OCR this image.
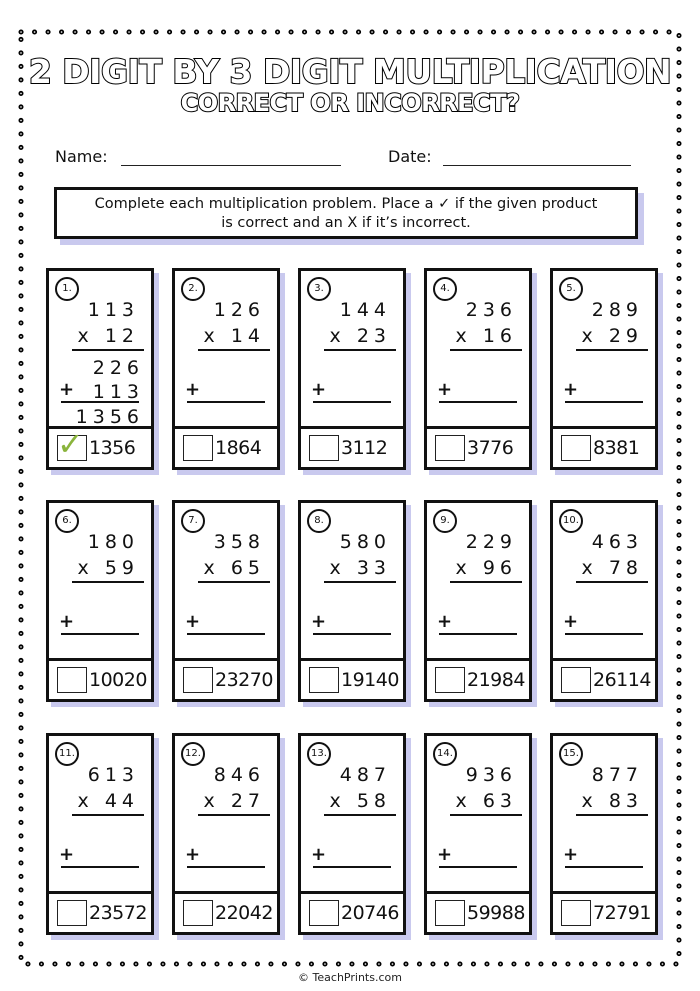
2 DIGIT BY 3 DIGIT MULTIPLICATION
CORRECT OR INCORRECT?
Name:	Date:
Complete each multiplication problem. Place a ✓ if the given product
is correct and an X if it’s incorrect.
1.
113
x 12
226
113
1356
+
✓ 1356
2.
126
x 14
+
1864
3.
144
x 23
+
3112
4.
236
x 16
+
3776
5.
289
x 29
+
8381
6.
180
x 59
+
10020
7.
358
x 65
+
23270
8.
580
x 33
+
19140
9.
229
x 96
+
21984
10.
463
x 78
+
26114
11.
613
x 44
+
23572
12.
846
x 27
+
22042
13.
487
x 58
+
20746
14.
936
x 63
+
59988
15.
877
x 83
+
72791
© TeachPrints.com
